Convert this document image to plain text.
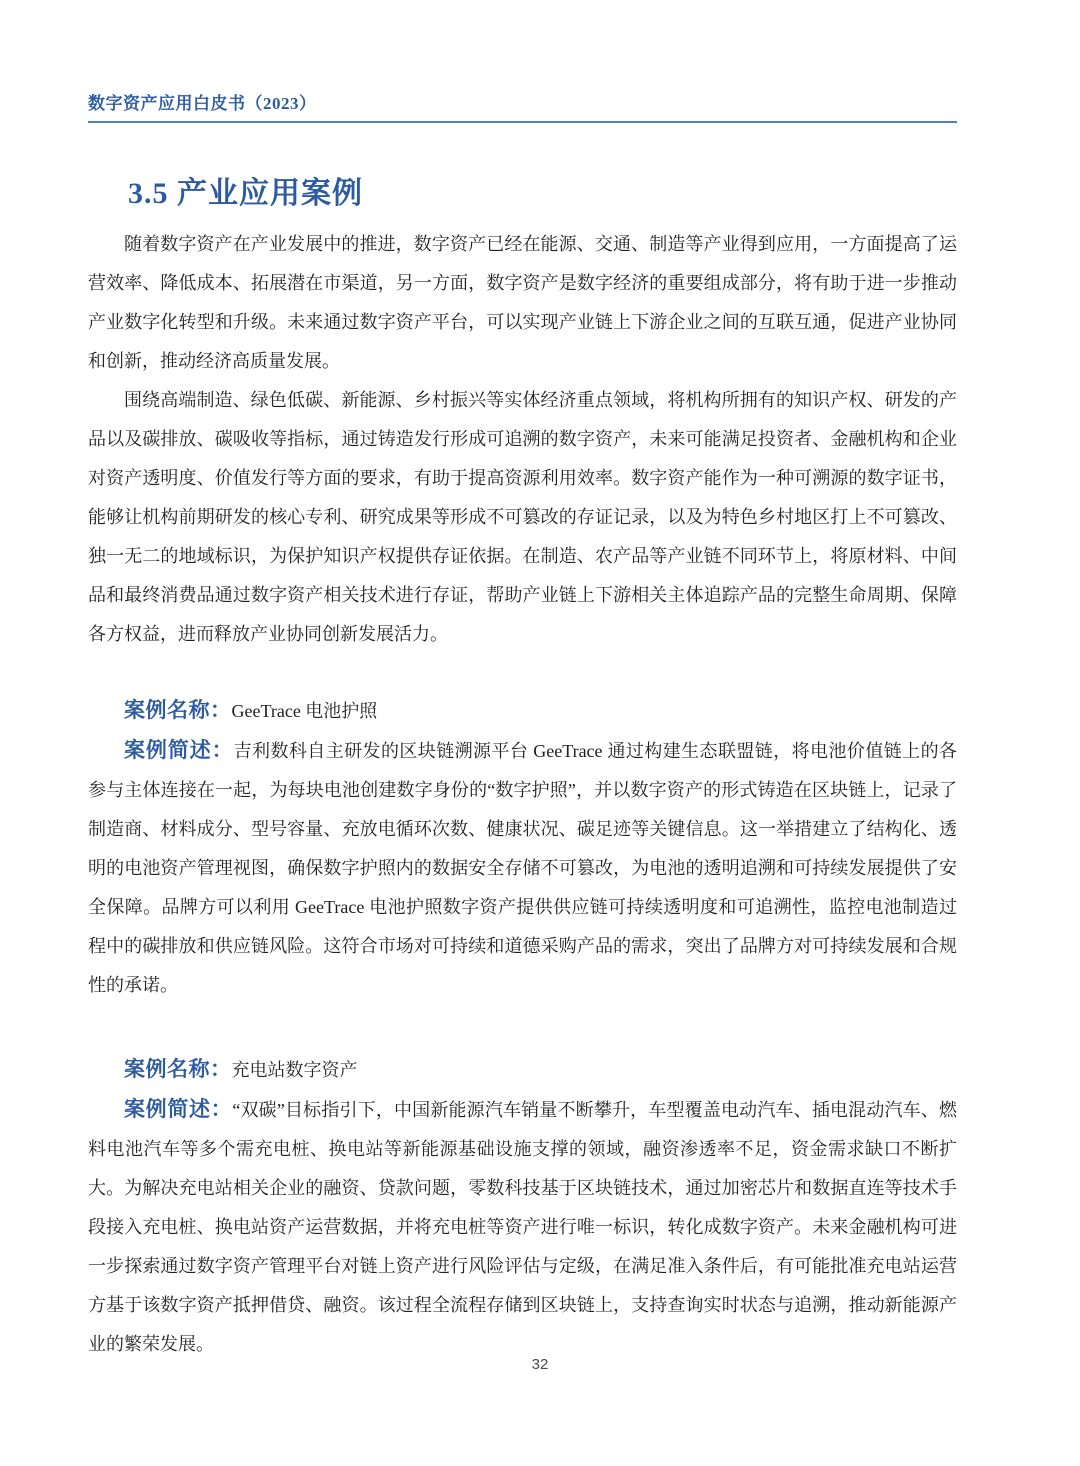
数字资产应用白皮书（2023）
3.5 产业应用案例

随着数字资产在产业发展中的推进，数字资产已经在能源、交通、制造等产业得到应用，一方面提高了运营效率、降低成本、拓展潜在市渠道，另一方面，数字资产是数字经济的重要组成部分，将有助于进一步推动产业数字化转型和升级。未来通过数字资产平台，可以实现产业链上下游企业之间的互联互通，促进产业协同和创新，推动经济高质量发展。

围绕高端制造、绿色低碳、新能源、乡村振兴等实体经济重点领域，将机构所拥有的知识产权、研发的产品以及碳排放、碳吸收等指标，通过铸造发行形成可追溯的数字资产，未来可能满足投资者、金融机构和企业对资产透明度、价值发行等方面的要求，有助于提高资源利用效率。数字资产能作为一种可溯源的数字证书，能够让机构前期研发的核心专利、研究成果等形成不可篡改的存证记录，以及为特色乡村地区打上不可篡改、独一无二的地域标识，为保护知识产权提供存证依据。在制造、农产品等产业链不同环节上，将原材料、中间品和最终消费品通过数字资产相关技术进行存证，帮助产业链上下游相关主体追踪产品的完整生命周期、保障各方权益，进而释放产业协同创新发展活力。

案例名称：GeeTrace 电池护照

案例简述：吉利数科自主研发的区块链溯源平台 GeeTrace 通过构建生态联盟链，将电池价值链上的各参与主体连接在一起，为每块电池创建数字身份的“数字护照”，并以数字资产的形式铸造在区块链上，记录了制造商、材料成分、型号容量、充放电循环次数、健康状况、碳足迹等关键信息。这一举措建立了结构化、透明的电池资产管理视图，确保数字护照内的数据安全存储不可篡改，为电池的透明追溯和可持续发展提供了安全保障。品牌方可以利用 GeeTrace 电池护照数字资产提供供应链可持续透明度和可追溯性，监控电池制造过程中的碳排放和供应链风险。这符合市场对可持续和道德采购产品的需求，突出了品牌方对可持续发展和合规性的承诺。

案例名称：充电站数字资产

案例简述：“双碳”目标指引下，中国新能源汽车销量不断攀升，车型覆盖电动汽车、插电混动汽车、燃料电池汽车等多个需充电桩、换电站等新能源基础设施支撑的领域，融资渗透率不足，资金需求缺口不断扩大。为解决充电站相关企业的融资、贷款问题，零数科技基于区块链技术，通过加密芯片和数据直连等技术手段接入充电桩、换电站资产运营数据，并将充电桩等资产进行唯一标识，转化成数字资产。未来金融机构可进一步探索通过数字资产管理平台对链上资产进行风险评估与定级，在满足准入条件后，有可能批准充电站运营方基于该数字资产抵押借贷、融资。该过程全流程存储到区块链上，支持查询实时状态与追溯，推动新能源产业的繁荣发展。

32
